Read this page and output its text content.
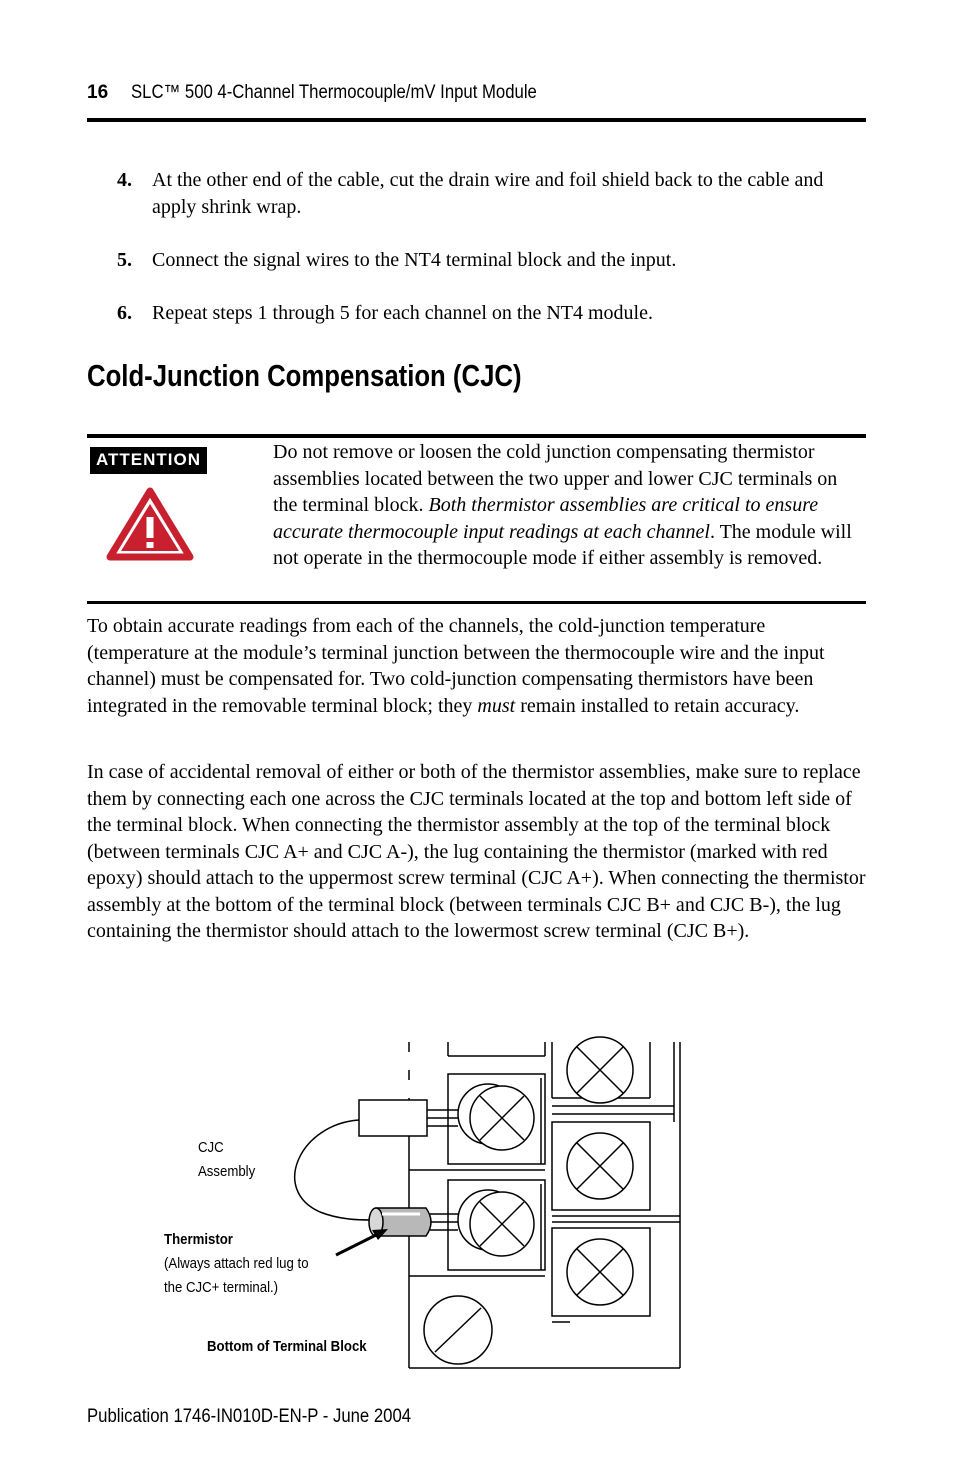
16 SLC™ 500 4-Channel Thermocouple/mV Input Module
4. At the other end of the cable, cut the drain wire and foil shield back to the cable and apply shrink wrap.
5. Connect the signal wires to the NT4 terminal block and the input.
6. Repeat steps 1 through 5 for each channel on the NT4 module.
Cold-Junction Compensation (CJC)
ATTENTION	Do not remove or loosen the cold junction compensating thermistor assemblies located between the two upper and lower CJC terminals on the terminal block. Both thermistor assemblies are critical to ensure accurate thermocouple input readings at each channel. The module will not operate in the thermocouple mode if either assembly is removed.

To obtain accurate readings from each of the channels, the cold-junction temperature (temperature at the module’s terminal junction between the thermocouple wire and the input channel) must be compensated for. Two cold-junction compensating thermistors have been integrated in the removable terminal block; they must remain installed to retain accuracy.

In case of accidental removal of either or both of the thermistor assemblies, make sure to replace them by connecting each one across the CJC terminals located at the top and bottom left side of the terminal block. When connecting the thermistor assembly at the top of the terminal block (between terminals CJC A+ and CJC A-), the lug containing the thermistor (marked with red epoxy) should attach to the uppermost screw terminal (CJC A+). When connecting the thermistor assembly at the bottom of the terminal block (between terminals CJC B+ and CJC B-), the lug containing the thermistor should attach to the lowermost screw terminal (CJC B+).

CJC
Assembly
Thermistor
(Always attach red lug to
the CJC+ terminal.)
Bottom of Terminal Block
Publication 1746-IN010D-EN-P - June 2004
